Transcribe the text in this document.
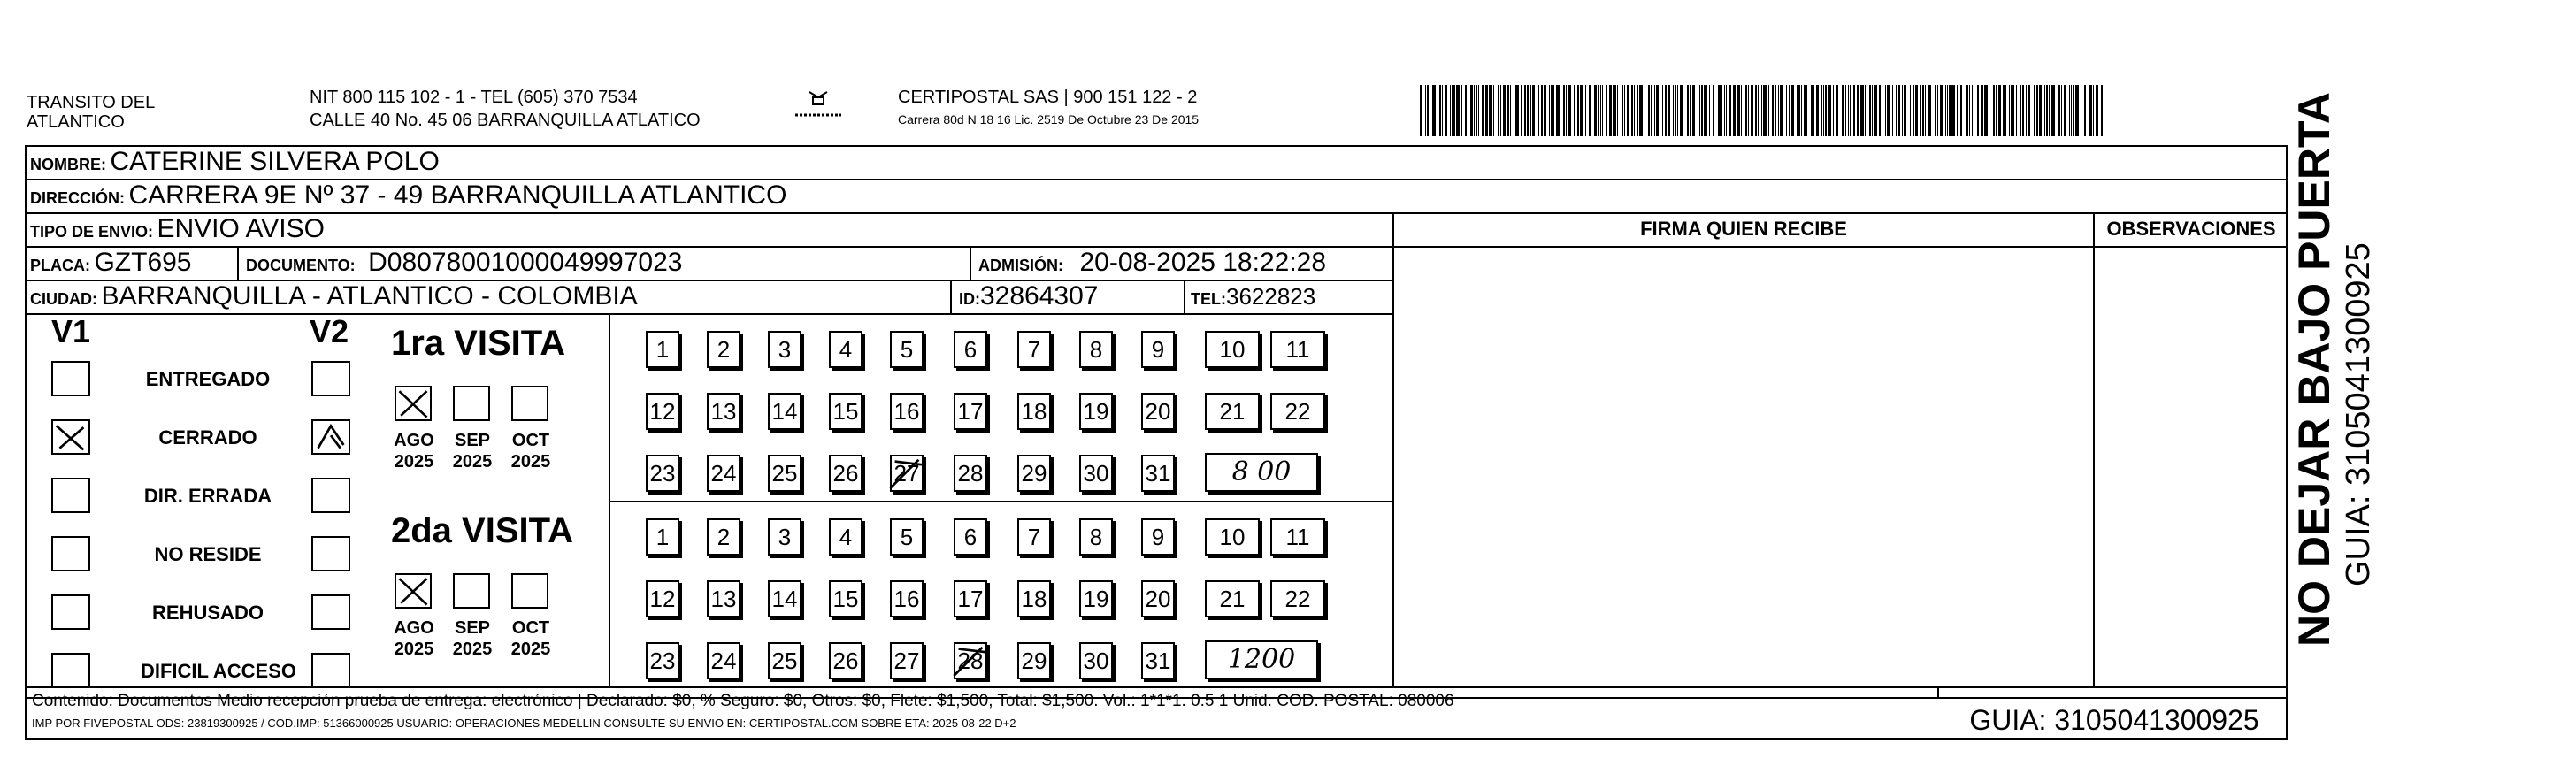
TRANSITO DEL
ATLANTICO
NIT 800 115 102 - 1 - TEL (605) 370 7534
CALLE 40 No. 45 06 BARRANQUILLA ATLATICO
CERTIPOSTAL SAS | 900 151 122 - 2
Carrera 80d N 18 16 Lic. 2519 De Octubre 23 De 2015
NOMBRE: CATERINE SILVERA POLO
DIRECCIÓN: CARRERA 9E Nº 37 - 49 BARRANQUILLA ATLANTICO
TIPO DE ENVIO: ENVIO AVISO
PLACA: GZT695	DOCUMENTO: D08078001000049997023	ADMISIÓN: 20-08-2025 18:22:28
CIUDAD: BARRANQUILLA - ATLANTICO - COLOMBIA	ID:32864307	TEL:3622823
FIRMA QUIEN RECIBE	OBSERVACIONES
V1	V2
ENTREGADO
CERRADO
DIR. ERRADA
NO RESIDE
REHUSADO
DIFICIL ACCESO
1ra VISITA
AGO
2025
SEP
2025
OCT
2025
1	2	3	4	5	6	7	8	9	10	11
12 13 14 15 16 17 18 19 20	21	22
23 24 25 26 27 28 29 30 31	8 00
2da VISITA
AGO
2025
SEP
2025
OCT
2025
1	2	3	4	5	6	7	8	9	10	11
12 13 14 15 16 17 18 19 20	21	22
23 24 25 26 27 28 29 30 31	1200
Contenido: Documentos Medio recepción prueba de entrega: electrónico | Declarado: $0, % Seguro: $0, Otros: $0, Flete: $1,500, Total: $1,500. Vol.: 1*1*1. 0.5 1 Unid. COD. POSTAL: 080006
IMP POR FIVEPOSTAL ODS: 23819300925 / COD.IMP: 51366000925 USUARIO: OPERACIONES MEDELLIN CONSULTE SU ENVIO EN: CERTIPOSTAL.COM SOBRE ETA: 2025-08-22 D+2	GUIA: 3105041300925
NO DEJAR BAJO PUERTA GUIA: 3105041300925
